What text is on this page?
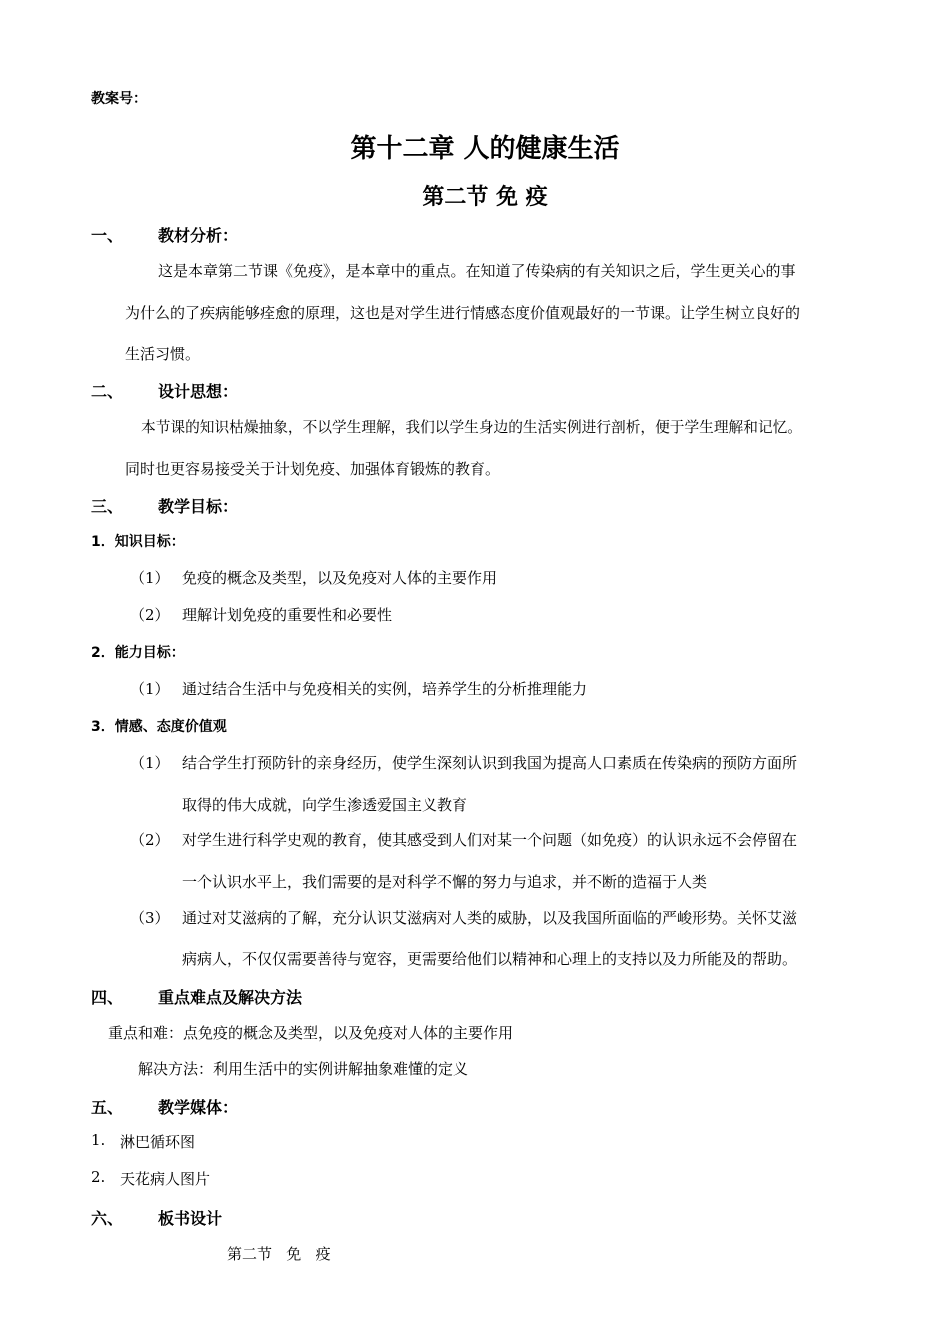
教案号：
第十二章 人的健康生活
第二节 免 疫
一、 教材分析：
这是本章第二节课《免疫》，是本章中的重点。在知道了传染病的有关知识之后，学生更关心的事
为什么的了疾病能够痊愈的原理，这也是对学生进行情感态度价值观最好的一节课。让学生树立良好的
生活习惯。
二、 设计思想：
本节课的知识枯燥抽象，不以学生理解，我们以学生身边的生活实例进行剖析，便于学生理解和记忆。
同时也更容易接受关于计划免疫、加强体育锻炼的教育。
三、 教学目标：
1．知识目标：
（1） 免疫的概念及类型，以及免疫对人体的主要作用
（2） 理解计划免疫的重要性和必要性
2．能力目标：
（1） 通过结合生活中与免疫相关的实例，培养学生的分析推理能力
3．情感、态度价值观
（1） 结合学生打预防针的亲身经历，使学生深刻认识到我国为提高人口素质在传染病的预防方面所
取得的伟大成就，向学生渗透爱国主义教育
（2） 对学生进行科学史观的教育，使其感受到人们对某一个问题（如免疫）的认识永远不会停留在
一个认识水平上，我们需要的是对科学不懈的努力与追求，并不断的造福于人类
（3） 通过对艾滋病的了解，充分认识艾滋病对人类的威胁，以及我国所面临的严峻形势。关怀艾滋
病病人，不仅仅需要善待与宽容，更需要给他们以精神和心理上的支持以及力所能及的帮助。
四、 重点难点及解决方法
重点和难：点免疫的概念及类型，以及免疫对人体的主要作用
解决方法：利用生活中的实例讲解抽象难懂的定义
五、 教学媒体：
1. 淋巴循环图
2. 天花病人图片
六、 板书设计
第二节   免   疫
